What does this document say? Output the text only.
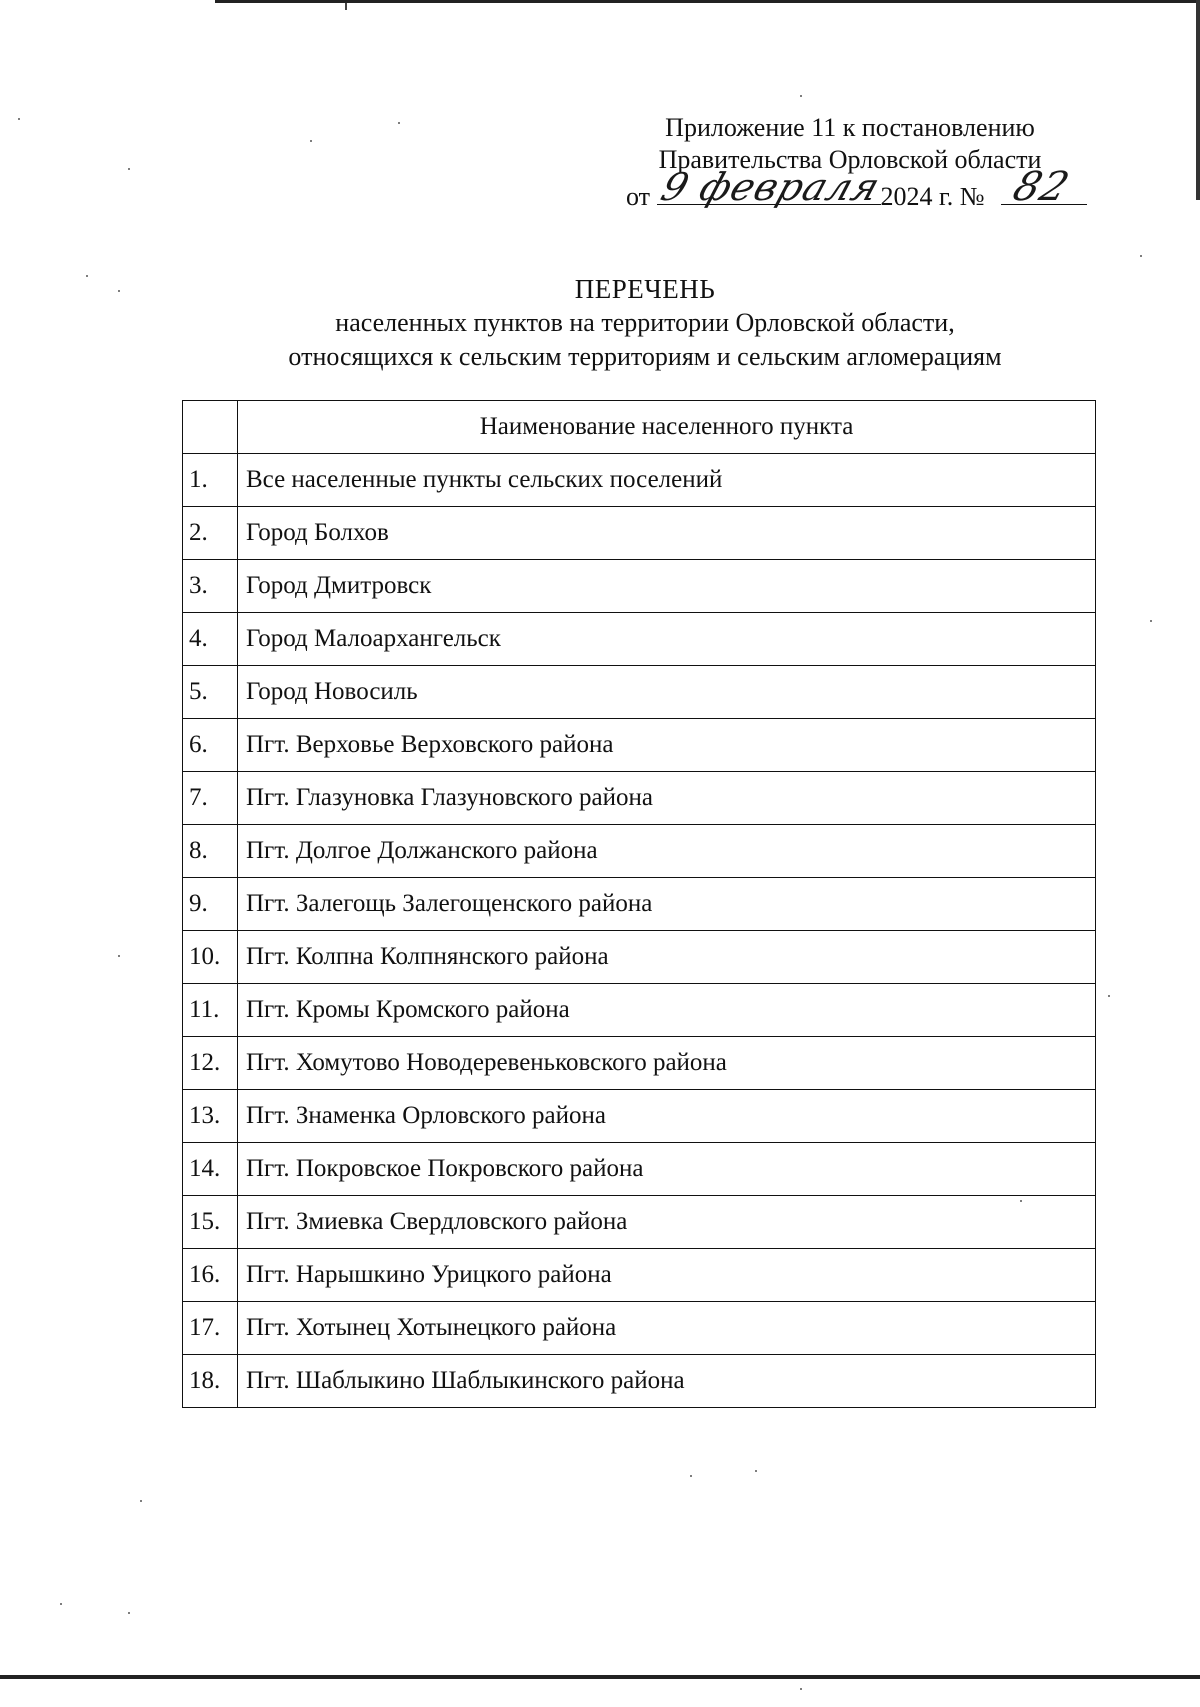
Приложение 11 к постановлению
Правительства Орловской области
от 9 февраля
2024 г. № 82
ПЕРЕЧЕНЬ
населенных пунктов на территории Орловской области,
относящихся к сельским территориям и сельским агломерациям
	Наименование населенного пункта
1.	Все населенные пункты сельских поселений
2.	Город Болхов
3.	Город Дмитровск
4.	Город Малоархангельск
5.	Город Новосиль
6.	Пгт. Верховье Верховского района
7.	Пгт. Глазуновка Глазуновского района
8.	Пгт. Долгое Должанского района
9.	Пгт. Залегощь Залегощенского района
10.	Пгт. Колпна Колпнянского района
11.	Пгт. Кромы Кромского района
12.	Пгт. Хомутово Новодеревеньковского района
13.	Пгт. Знаменка Орловского района
14.	Пгт. Покровское Покровского района
15.	Пгт. Змиевка Свердловского района
16.	Пгт. Нарышкино Урицкого района
17.	Пгт. Хотынец Хотынецкого района
18.	Пгт. Шаблыкино Шаблыкинского района
